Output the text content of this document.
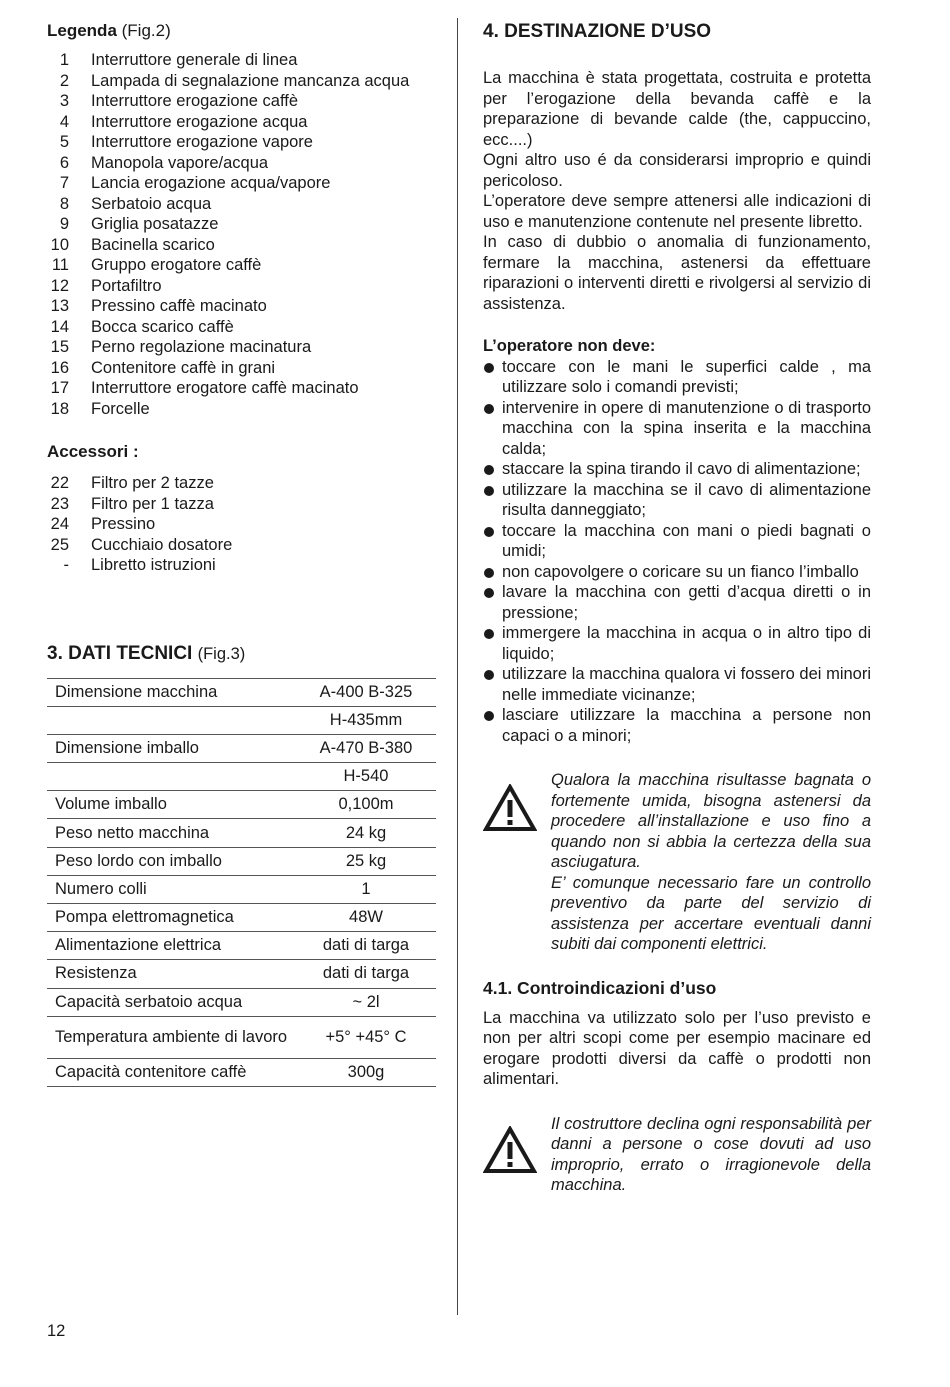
Legenda (Fig.2)
1 Interruttore generale di linea
2 Lampada di segnalazione mancanza acqua
3 Interruttore erogazione caffè
4 Interruttore erogazione acqua
5 Interruttore erogazione vapore
6 Manopola vapore/acqua
7 Lancia erogazione acqua/vapore
8 Serbatoio acqua
9 Griglia posatazze
10 Bacinella scarico
11 Gruppo erogatore caffè
12 Portafiltro
13 Pressino caffè macinato
14 Bocca scarico caffè
15 Perno regolazione macinatura
16 Contenitore caffè in grani
17 Interruttore erogatore caffè macinato
18 Forcelle
Accessori :
22 Filtro per 2 tazze
23 Filtro per 1 tazza
24 Pressino
25 Cucchiaio dosatore
- Libretto istruzioni
3. DATI TECNICI (Fig.3)
Dimensione macchina	A-400 B-325
	H-435mm
Dimensione imballo	A-470 B-380
	H-540
Volume imballo	0,100m
Peso netto macchina	24 kg
Peso lordo con imballo	25 kg
Numero colli	1
Pompa elettromagnetica	48W
Alimentazione elettrica	dati di targa
Resistenza	dati di targa
Capacità serbatoio acqua	~ 2l
Temperatura ambiente di lavoro	+5° +45° C
Capacità contenitore caffè	300g
4. DESTINAZIONE D’USO

La macchina è stata progettata, costruita e protetta per l’erogazione della bevanda caffè e la preparazione di bevande calde (the, cappuccino, ecc....)

Ogni altro uso é da considerarsi improprio e quindi pericoloso.

L’operatore deve sempre attenersi alle indicazioni di uso e manutenzione contenute nel presente libretto.

In caso di dubbio o anomalia di funzionamento, fermare la macchina, astenersi da effettuare riparazioni o interventi diretti e rivolgersi al servizio di assistenza.

L’operatore non deve:
toccare con le mani le superfici calde , ma utilizzare solo i comandi previsti;
intervenire in opere di manutenzione o di trasporto macchina con la spina inserita e la macchina calda;
staccare la spina tirando il cavo di alimentazione;
utilizzare la macchina se il cavo di alimentazione risulta danneggiato;
toccare la macchina con mani o piedi bagnati o umidi;
non capovolgere o coricare su un fianco l’imballo
lavare la macchina con getti d’acqua diretti o in pressione;
immergere la macchina in acqua o in altro tipo di liquido;
utilizzare la macchina qualora vi fossero dei minori nelle immediate vicinanze;
lasciare utilizzare la macchina a persone non capaci o a minori;
Qualora la macchina risultasse bagnata o fortemente umida, bisogna astenersi da procedere all’installazione e uso fino a quando non si abbia la certezza della sua asciugatura.
E’ comunque necessario fare un controllo preventivo da parte del servizio di assistenza per accertare eventuali danni subiti dai componenti elettrici.
4.1. Controindicazioni d’uso

La macchina va utilizzato solo per l’uso previsto e non per altri scopi come per esempio macinare ed erogare prodotti diversi da caffè o prodotti non alimentari.

Il costruttore declina ogni responsabilità per danni a persone o cose dovuti ad uso improprio, errato o irragionevole della macchina.
12
